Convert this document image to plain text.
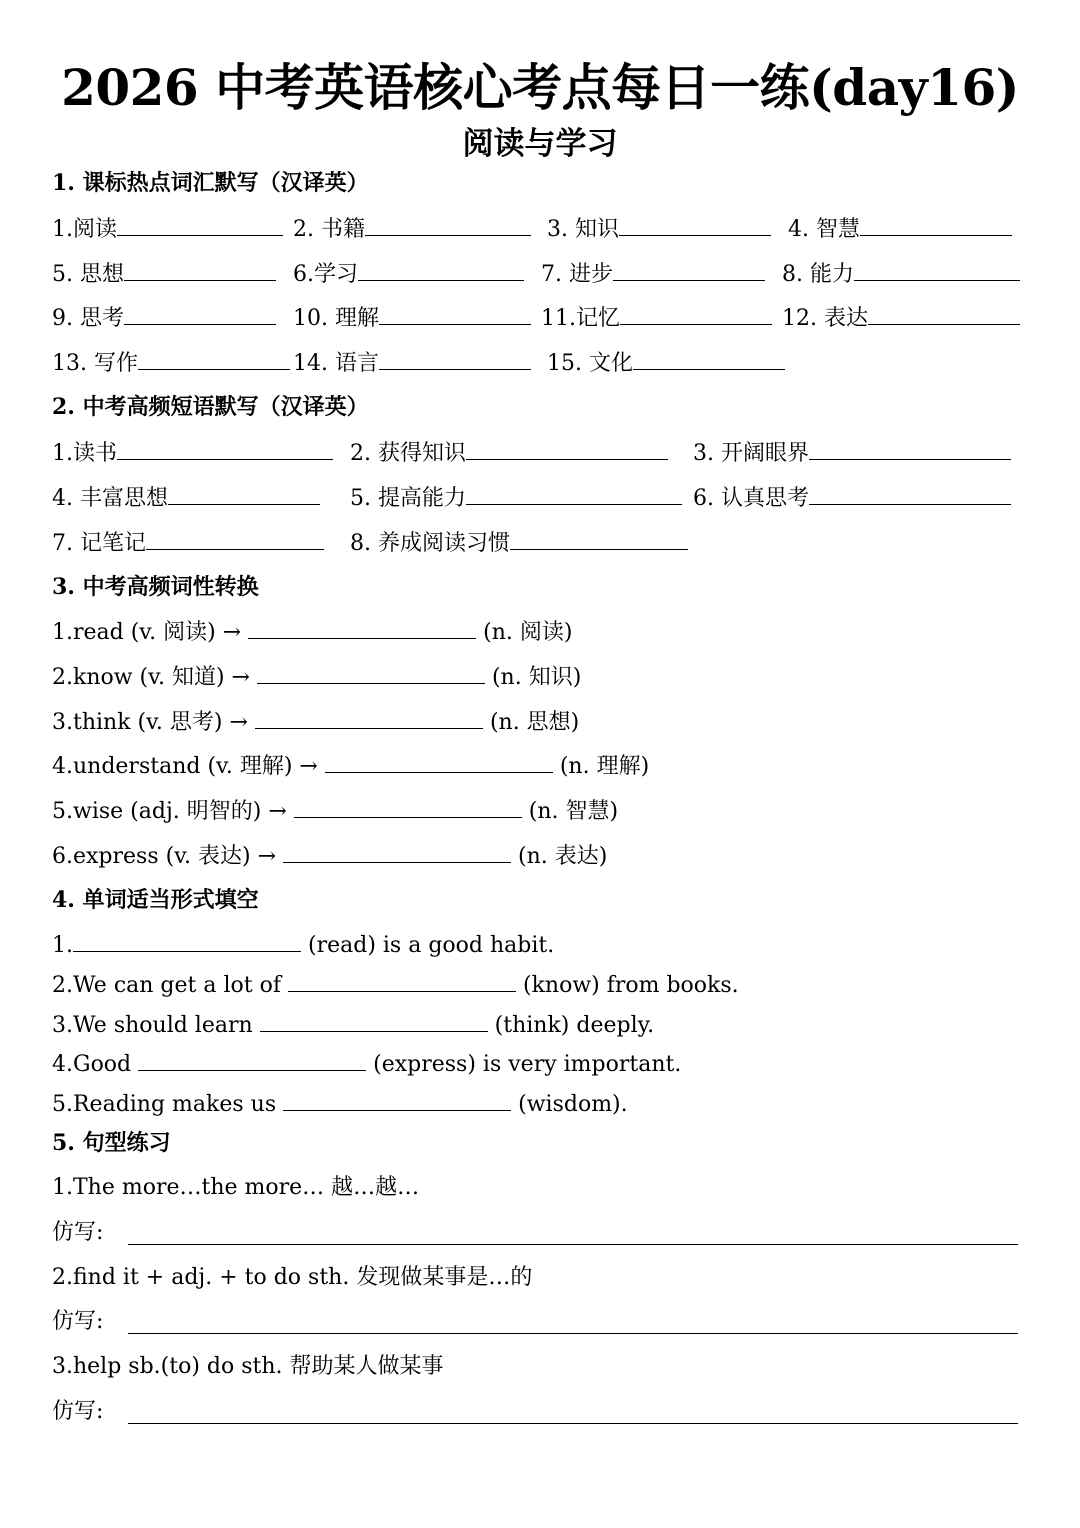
2026 中考英语核心考点每日一练(day16)
阅读与学习
1. 课标热点词汇默写（汉译英）
1.阅读	2. 书籍	3. 知识	4. 智慧
5. 思想	6.学习	7. 进步	8. 能力
9. 思考	10. 理解	11.记忆	12. 表达
13. 写作	14. 语言	15. 文化
2. 中考高频短语默写（汉译英）
1.读书	2. 获得知识	3. 开阔眼界
4. 丰富思想	5. 提高能力	6. 认真思考
7. 记笔记	8. 养成阅读习惯
3. 中考高频词性转换
1.read (v. 阅读) →	(n. 阅读)
2.know (v. 知道) →	(n. 知识)
3.think (v. 思考) →	(n. 思想)
4.understand (v. 理解) →	(n. 理解)
5.wise (adj. 明智的) →	(n. 智慧)
6.express (v. 表达) →	(n. 表达)
4. 单词适当形式填空
1.	(read) is a good habit.
2.We can get a lot of	(know) from books.
3.We should learn	(think) deeply.
4.Good	(express) is very important.
5.Reading makes us	(wisdom).
5. 句型练习
1.The more…the more… 越…越…
仿写:
2.find it + adj. + to do sth. 发现做某事是…的
仿写:
3.help sb.(to) do sth. 帮助某人做某事
仿写:
